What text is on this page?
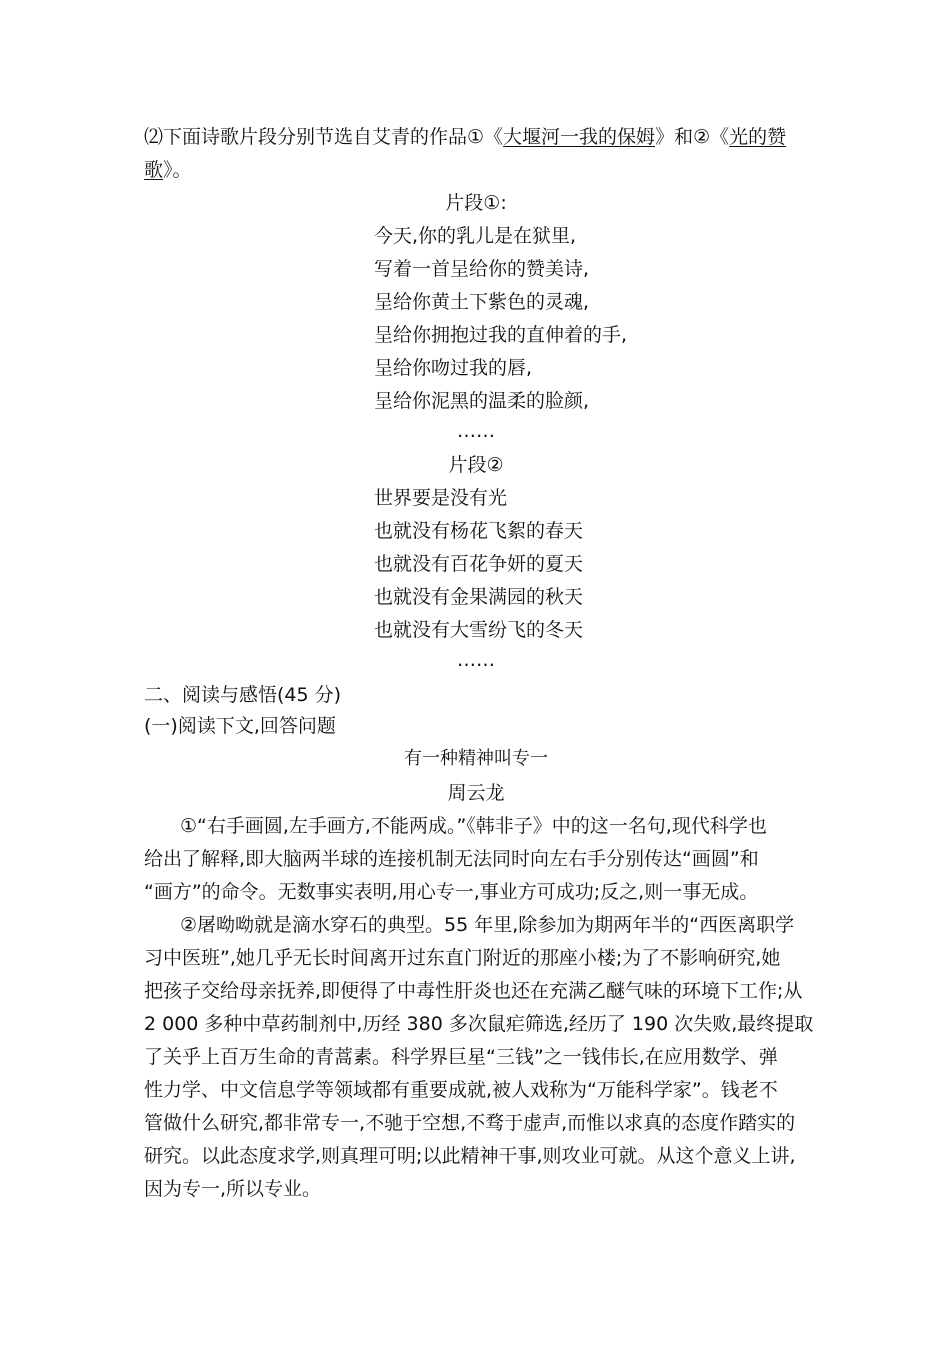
⑵下面诗歌片段分别节选自艾青的作品①《大堰河一我的保姆》和②《光的赞
歌》。
片段①:
今天,你的乳儿是在狱里,
写着一首呈给你的赞美诗,
呈给你黄土下紫色的灵魂,
呈给你拥抱过我的直伸着的手,
呈给你吻过我的唇,
呈给你泥黑的温柔的脸颜,
……
片段②
世界要是没有光
也就没有杨花飞絮的春天
也就没有百花争妍的夏天
也就没有金果满园的秋天
也就没有大雪纷飞的冬天
……
二、阅读与感悟(45 分)
(一)阅读下文,回答问题
有一种精神叫专一
周云龙
①“右手画圆,左手画方,不能两成。”《韩非子》中的这一名句,现代科学也
给出了解释,即大脑两半球的连接机制无法同时向左右手分别传达“画圆”和
“画方”的命令。无数事实表明,用心专一,事业方可成功;反之,则一事无成。
②屠呦呦就是滴水穿石的典型。55 年里,除参加为期两年半的“西医离职学
习中医班”,她几乎无长时间离开过东直门附近的那座小楼;为了不影响研究,她
把孩子交给母亲抚养,即便得了中毒性肝炎也还在充满乙醚气味的环境下工作;从
2 000 多种中草药制剂中,历经 380 多次鼠疟筛选,经历了 190 次失败,最终提取
了关乎上百万生命的青蒿素。科学界巨星“三钱”之一钱伟长,在应用数学、弹
性力学、中文信息学等领域都有重要成就,被人戏称为“万能科学家”。钱老不
管做什么研究,都非常专一,不驰于空想,不骛于虚声,而惟以求真的态度作踏实的
研究。以此态度求学,则真理可明;以此精神干事,则攻业可就。从这个意义上讲,
因为专一,所以专业。
